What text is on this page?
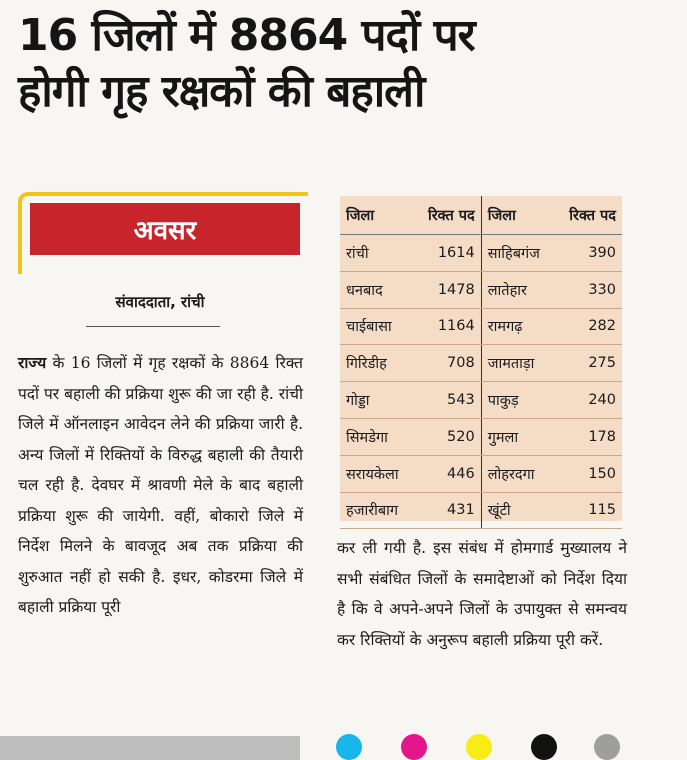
16 जिलों में 8864 पदों पर
होगी गृह रक्षकों की बहाली
अवसर
संवाददाता, रांची

राज्य के 16 जिलों में गृह रक्षकों के 8864 रिक्त पदों पर बहाली की प्रक्रिया शुरू की जा रही है. रांची जिले में ऑनलाइन आवेदन लेने की प्रक्रिया जारी है. अन्य जिलों में रिक्तियों के विरुद्ध बहाली की तैयारी चल रही है. देवघर में श्रावणी मेले के बाद बहाली प्रक्रिया शुरू की जायेगी. वहीं, बोकारो जिले में निर्देश मिलने के बावजूद अब तक प्रक्रिया की शुरुआत नहीं हो सकी है. इधर, कोडरमा जिले में बहाली प्रक्रिया पूरी

जिला	रिक्त पद	जिला	रिक्त पद
रांची	1614	साहिबगंज	390
धनबाद	1478	लातेहार	330
चाईबासा	1164	रामगढ़	282
गिरिडीह	708	जामताड़ा	275
गोड्डा	543	पाकुड़	240
सिमडेगा	520	गुमला	178
सरायकेला	446	लोहरदगा	150
हजारीबाग	431	खूंटी	115

कर ली गयी है. इस संबंध में होमगार्ड मुख्यालय ने सभी संबंधित जिलों के समादेष्टाओं को निर्देश दिया है कि वे अपने-अपने जिलों के उपायुक्त से समन्वय कर रिक्तियों के अनुरूप बहाली प्रक्रिया पूरी करें.
